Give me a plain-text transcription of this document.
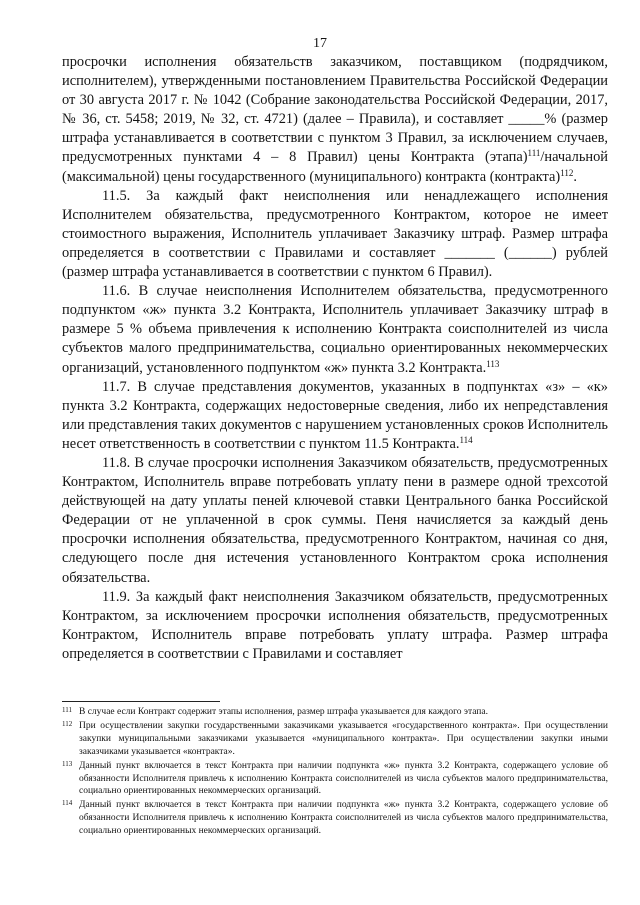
17

просрочки исполнения обязательств заказчиком, поставщиком (подрядчиком, исполнителем), утвержденными постановлением Правительства Российской Федерации от 30 августа 2017 г. № 1042 (Собрание законодательства Российской Федерации, 2017, № 36, ст. 5458; 2019, № 32, ст. 4721) (далее – Правила), и составляет _____% (размер штрафа устанавливается в соответствии с пунктом 3 Правил, за исключением случаев, предусмотренных пунктами 4 – 8 Правил) цены Контракта (этапа)$^{111}$/начальной (максимальной) цены государственного (муниципального) контракта (контракта)$^{112}$.

11.5. За каждый факт неисполнения или ненадлежащего исполнения Исполнителем обязательства, предусмотренного Контрактом, которое не имеет стоимостного выражения, Исполнитель уплачивает Заказчику штраф. Размер штрафа определяется в соответствии с Правилами и составляет _______ (______) рублей (размер штрафа устанавливается в соответствии с пунктом 6 Правил).

11.6. В случае неисполнения Исполнителем обязательства, предусмотренного подпунктом «ж» пункта 3.2 Контракта, Исполнитель уплачивает Заказчику штраф в размере 5 % объема привлечения к исполнению Контракта соисполнителей из числа субъектов малого предпринимательства, социально ориентированных некоммерческих организаций, установленного подпунктом «ж» пункта 3.2 Контракта.$^{113}$

11.7. В случае представления документов, указанных в подпунктах «з» – «к» пункта 3.2 Контракта, содержащих недостоверные сведения, либо их непредставления или представления таких документов с нарушением установленных сроков Исполнитель несет ответственность в соответствии с пунктом 11.5 Контракта.$^{114}$

11.8. В случае просрочки исполнения Заказчиком обязательств, предусмотренных Контрактом, Исполнитель вправе потребовать уплату пени в размере одной трехсотой действующей на дату уплаты пеней ключевой ставки Центрального банка Российской Федерации от не уплаченной в срок суммы. Пеня начисляется за каждый день просрочки исполнения обязательства, предусмотренного Контрактом, начиная со дня, следующего после дня истечения установленного Контрактом срока исполнения обязательства.

11.9. За каждый факт неисполнения Заказчиком обязательств, предусмотренных Контрактом, за исключением просрочки исполнения обязательств, предусмотренных Контрактом, Исполнитель вправе потребовать уплату штрафа. Размер штрафа определяется в соответствии с Правилами и составляет

111 В случае если Контракт содержит этапы исполнения, размер штрафа указывается для каждого этапа.
112 При осуществлении закупки государственными заказчиками указывается «государственного контракта». При осуществлении закупки муниципальными заказчиками указывается «муниципального контракта». При осуществлении закупки иными заказчиками указывается «контракта».
113 Данный пункт включается в текст Контракта при наличии подпункта «ж» пункта 3.2 Контракта, содержащего условие об обязанности Исполнителя привлечь к исполнению Контракта соисполнителей из числа субъектов малого предпринимательства, социально ориентированных некоммерческих организаций.
114 Данный пункт включается в текст Контракта при наличии подпункта «ж» пункта 3.2 Контракта, содержащего условие об обязанности Исполнителя привлечь к исполнению Контракта соисполнителей из числа субъектов малого предпринимательства, социально ориентированных некоммерческих организаций.
